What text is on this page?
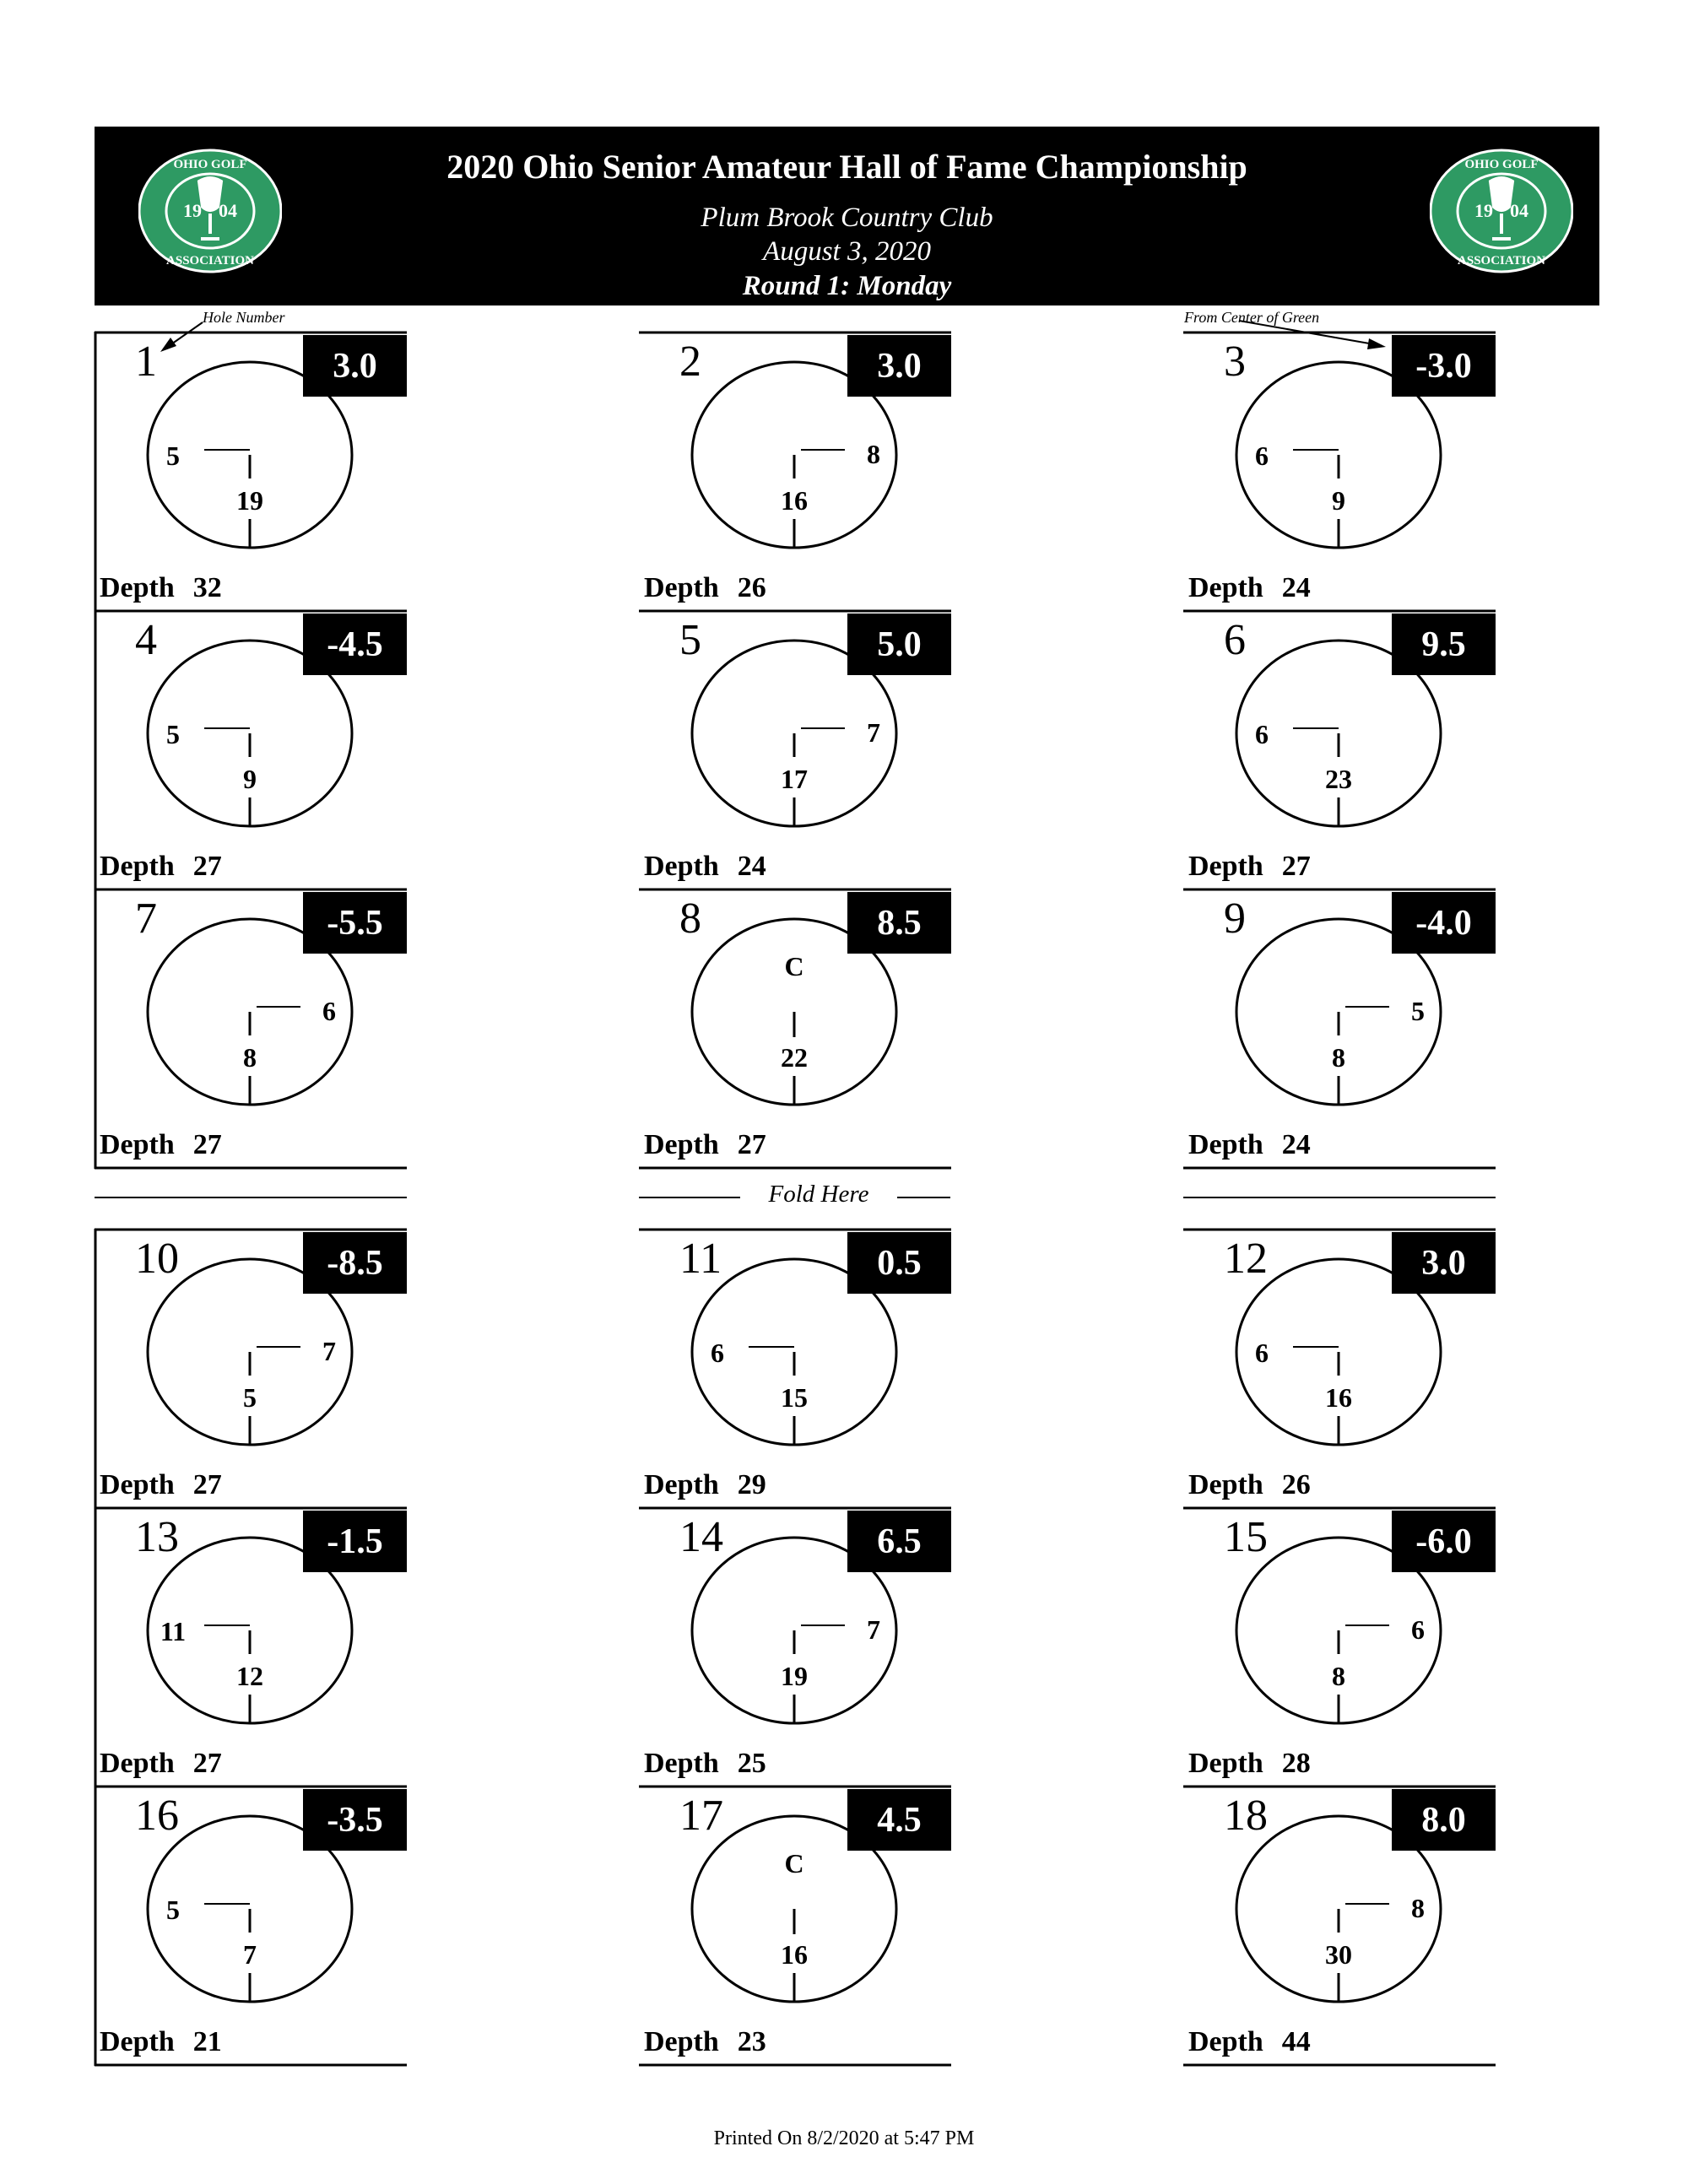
19 04
OHIO GOLF
ASSOCIATION
2020 Ohio Senior Amateur Hall of Fame Championship
Plum Brook Country Club
August 3, 2020
Round 1: Monday
19 04
OHIO GOLF
ASSOCIATION
Hole Number	From Center of Green
1	3.0
5
19
Depth 32
2	3.0
8
16
Depth 26
3	-3.0
6
9
Depth 24
4	-4.5
5
9
Depth 27
5	5.0
7
17
Depth 24
6	9.5
6
23
Depth 27
7	-5.5
6
8
Depth 27
8	8.5
C
22
Depth 27
9	-4.0
5
8
Depth 24
10	-8.5
7
5
Depth 27
11	0.5
6
15
Depth 29
12	3.0
6
16
Depth 26
13	-1.5
11
12
Depth 27
14	6.5
7
19
Depth 25
15	-6.0
6
8
Depth 28
16	-3.5
5
7
Depth 21
17	4.5
C
16
Depth 23
18	8.0
8
30
Depth 44
Fold Here
Printed On 8/2/2020 at 5:47 PM
